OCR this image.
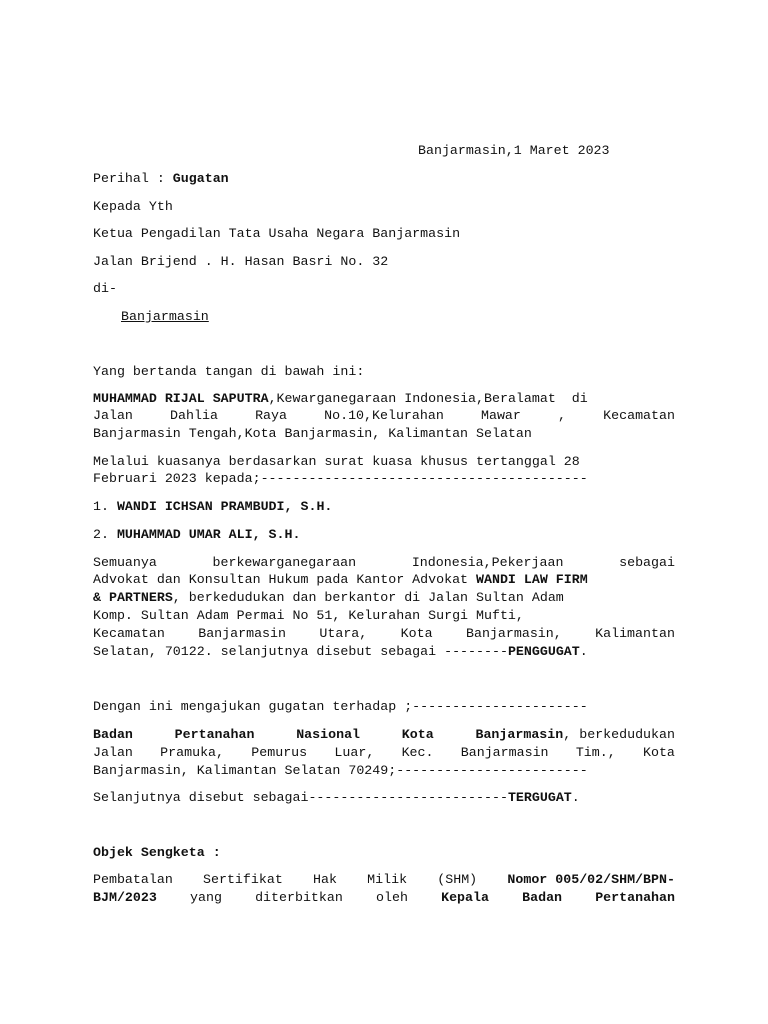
Banjarmasin,1 Maret 2023
Perihal : Gugatan
Kepada Yth
Ketua Pengadilan Tata Usaha Negara Banjarmasin
Jalan Brijend . H. Hasan Basri No. 32
di-
Banjarmasin
Yang bertanda tangan di bawah ini:
MUHAMMAD RIJAL SAPUTRA,Kewarganegaraan Indonesia,Beralamat  di
Jalan	Dahlia	Raya	No.10,Kelurahan	Mawar	,	Kecamatan
Banjarmasin Tengah,Kota Banjarmasin, Kalimantan Selatan
Melalui kuasanya berdasarkan surat kuasa khusus tertanggal 28
Februari 2023 kepada;-----------------------------------------
1. WANDI ICHSAN PRAMBUDI, S.H.
2. MUHAMMAD UMAR ALI, S.H.
Semuanya	berkewarganegaraan	Indonesia,Pekerjaan	sebagai
Advokat dan Konsultan Hukum pada Kantor Advokat WANDI LAW FIRM
& PARTNERS, berkedudukan dan berkantor di Jalan Sultan Adam
Komp. Sultan Adam Permai No 51, Kelurahan Surgi Mufti,
Kecamatan	Banjarmasin	Utara,	Kota	Banjarmasin,	Kalimantan
Selatan, 70122. selanjutnya disebut sebagai --------PENGGUGAT.
Dengan ini mengajukan gugatan terhadap ;----------------------
Badan	Pertanahan	Nasional	Kota	Banjarmasin, berkedudukan
Jalan Pramuka, Pemurus Luar, Kec. Banjarmasin Tim., Kota
Banjarmasin, Kalimantan Selatan 70249;------------------------
Selanjutnya disebut sebagai-------------------------TERGUGAT.
Objek Sengketa :
Pembatalan Sertifikat Hak Milik (SHM) Nomor 005/02/SHM/BPN-
BJM/2023 yang diterbitkan oleh Kepala Badan Pertanahan
